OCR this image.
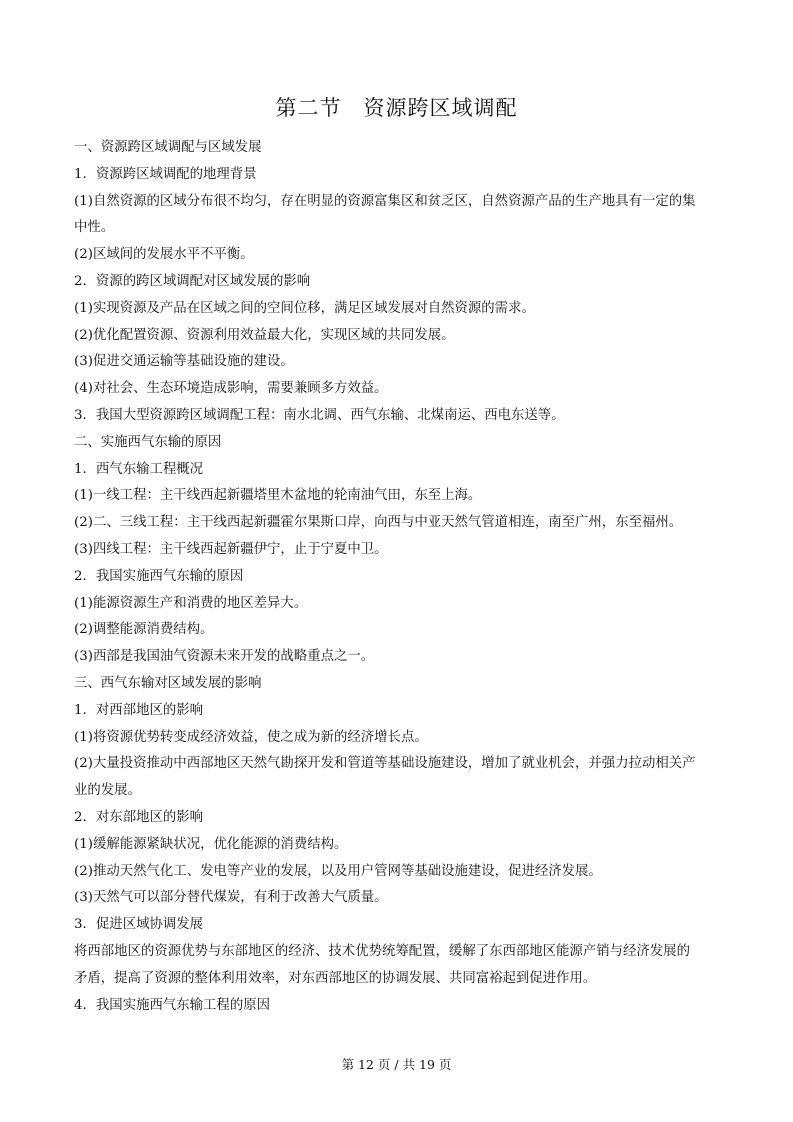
第二节　资源跨区域调配
一、资源跨区域调配与区域发展
1．资源跨区域调配的地理背景
(1)自然资源的区域分布很不均匀，存在明显的资源富集区和贫乏区，自然资源产品的生产地具有一定的集
中性。
(2)区域间的发展水平不平衡。
2．资源的跨区域调配对区域发展的影响
(1)实现资源及产品在区域之间的空间位移，满足区域发展对自然资源的需求。
(2)优化配置资源、资源利用效益最大化，实现区域的共同发展。
(3)促进交通运输等基础设施的建设。
(4)对社会、生态环境造成影响，需要兼顾多方效益。
3．我国大型资源跨区域调配工程：南水北调、西气东输、北煤南运、西电东送等。
二、实施西气东输的原因
1．西气东输工程概况
(1)一线工程：主干线西起新疆塔里木盆地的轮南油气田，东至上海。
(2)二、三线工程：主干线西起新疆霍尔果斯口岸，向西与中亚天然气管道相连，南至广州，东至福州。
(3)四线工程：主干线西起新疆伊宁，止于宁夏中卫。
2．我国实施西气东输的原因
(1)能源资源生产和消费的地区差异大。
(2)调整能源消费结构。
(3)西部是我国油气资源未来开发的战略重点之一。
三、西气东输对区域发展的影响
1．对西部地区的影响
(1)将资源优势转变成经济效益，使之成为新的经济增长点。
(2)大量投资推动中西部地区天然气勘探开发和管道等基础设施建设，增加了就业机会，并强力拉动相关产
业的发展。
2．对东部地区的影响
(1)缓解能源紧缺状况，优化能源的消费结构。
(2)推动天然气化工、发电等产业的发展，以及用户管网等基础设施建设，促进经济发展。
(3)天然气可以部分替代煤炭，有利于改善大气质量。
3．促进区域协调发展
将西部地区的资源优势与东部地区的经济、技术优势统筹配置，缓解了东西部地区能源产销与经济发展的
矛盾，提高了资源的整体利用效率，对东西部地区的协调发展、共同富裕起到促进作用。
4．我国实施西气东输工程的原因
第 12 页 / 共 19 页
